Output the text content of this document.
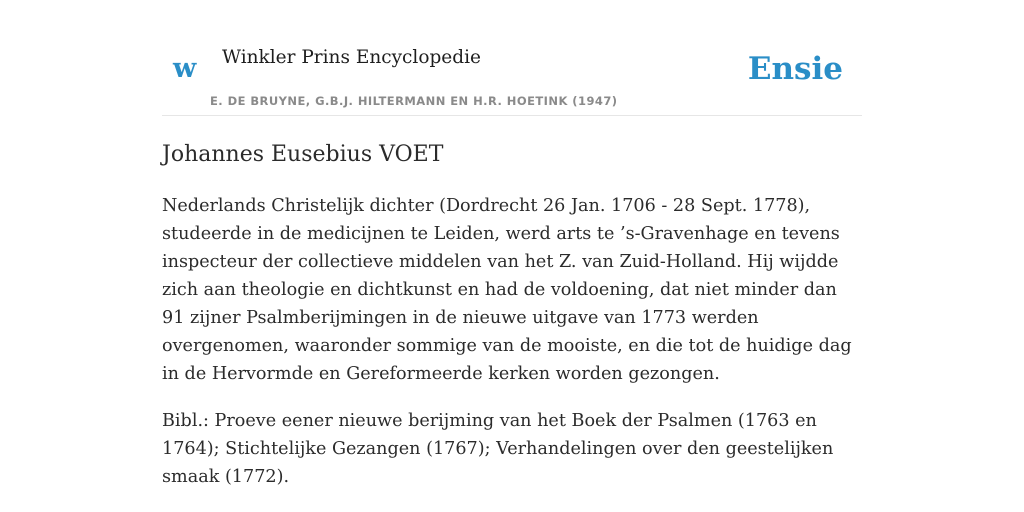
w Winkler Prins Encyclopedie
E. DE BRUYNE, G.B.J. HILTERMANN EN H.R. HOETINK (1947)
Ensie
Johannes Eusebius VOET

Nederlands Christelijk dichter (Dordrecht 26 Jan. 1706 - 28 Sept. 1778), studeerde in de medicijnen te Leiden, werd arts te ’s-Gravenhage en tevens inspecteur der collectieve middelen van het Z. van Zuid-Holland. Hij wijdde zich aan theologie en dichtkunst en had de voldoening, dat niet minder dan 91 zijner Psalmberijmingen in de nieuwe uitgave van 1773 werden overgenomen, waaronder sommige van de mooiste, en die tot de huidige dag in de Hervormde en Gereformeerde kerken worden gezongen.

Bibl.: Proeve eener nieuwe berijming van het Boek der Psalmen (1763 en 1764); Stichtelijke Gezangen (1767); Verhandelingen over den geestelijken smaak (1772).
